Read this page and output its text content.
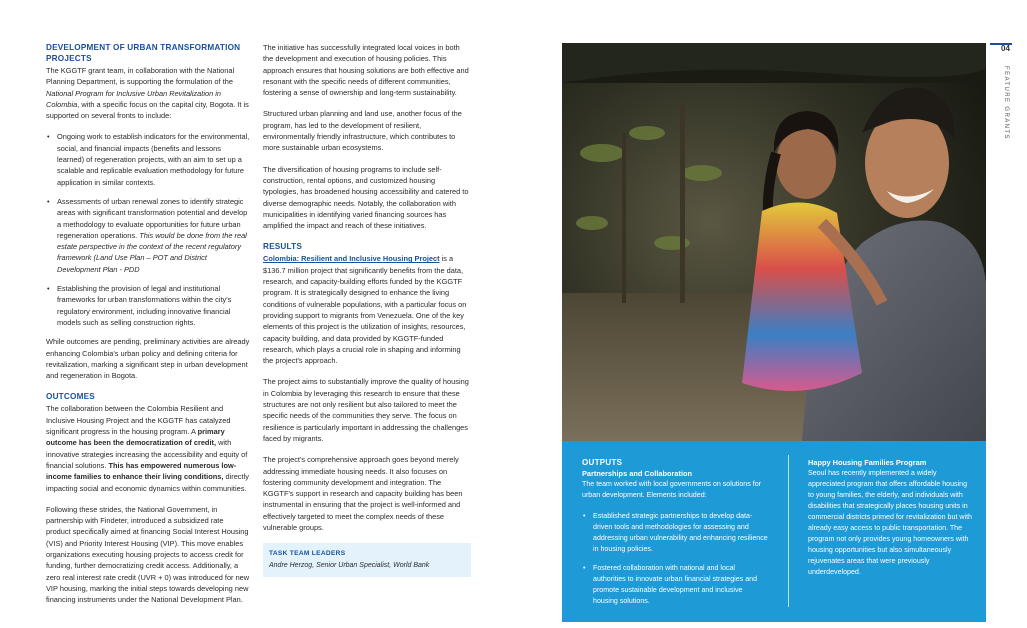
04
FEATURE GRANTS
DEVELOPMENT OF URBAN TRANSFORMATION PROJECTS

The KGGTF grant team, in collaboration with the National Planning Department, is supporting the formulation of the National Program for Inclusive Urban Revitalization in Colombia, with a specific focus on the capital city, Bogota. It is supported on several fronts to include:

• Ongoing work to establish indicators for the environmental, social, and financial impacts (benefits and lessons learned) of regeneration projects, with an aim to set up a scalable and replicable evaluation methodology for future application in similar contexts.
• Assessments of urban renewal zones to identify strategic areas with significant transformation potential and develop a methodology to evaluate opportunities for future urban regeneration operations. This would be done from the real estate perspective in the context of the recent regulatory framework (Land Use Plan – POT and District Development Plan - PDD
• Establishing the provision of legal and institutional frameworks for urban transformations within the city's regulatory environment, including innovative financial models such as selling construction rights.

While outcomes are pending, preliminary activities are already enhancing Colombia's urban policy and defining criteria for revitalization, marking a significant step in urban development and regeneration in Bogota.

OUTCOMES

The collaboration between the Colombia Resilient and Inclusive Housing Project and the KGGTF has catalyzed significant progress in the housing program. A primary outcome has been the democratization of credit, with innovative strategies increasing the accessibility and equity of financial solutions. This has empowered numerous low-income families to enhance their living conditions, directly impacting social and economic dynamics within communities.

Following these strides, the National Government, in partnership with Findeter, introduced a subsidized rate product specifically aimed at financing Social Interest Housing (VIS) and Priority Interest Housing (VIP). This move enables organizations executing housing projects to access credit for funding, further democratizing credit access. Additionally, a zero real interest rate credit (UVR + 0) was introduced for new VIP housing, marking the initial steps towards developing new financing instruments under the National Development Plan.

The initiative has successfully integrated local voices in both the development and execution of housing policies. This approach ensures that housing solutions are both effective and resonant with the specific needs of different communities, fostering a sense of ownership and long-term sustainability.

Structured urban planning and land use, another focus of the program, has led to the development of resilient, environmentally friendly infrastructure, which contributes to more sustainable urban ecosystems.

The diversification of housing programs to include self-construction, rental options, and customized housing typologies, has broadened housing accessibility and catered to diverse demographic needs. Notably, the collaboration with municipalities in identifying varied financing sources has amplified the impact and reach of these initiatives.

RESULTS

Colombia: Resilient and Inclusive Housing Project is a $136.7 million project that significantly benefits from the data, research, and capacity-building efforts funded by the KGGTF program. It is strategically designed to enhance the living conditions of vulnerable populations, with a particular focus on providing support to migrants from Venezuela. One of the key elements of this project is the utilization of insights, resources, capacity building, and data provided by KGGTF-funded research, which plays a crucial role in shaping and informing the project's approach.

The project aims to substantially improve the quality of housing in Colombia by leveraging this research to ensure that these structures are not only resilient but also tailored to meet the specific needs of the communities they serve. The focus on resilience is particularly important in addressing the challenges faced by migrants.

The project's comprehensive approach goes beyond merely addressing immediate housing needs. It also focuses on fostering community development and integration. The KGGTF's support in research and capacity building has been instrumental in ensuring that the project is well-informed and effectively targeted to meet the complex needs of these vulnerable groups.

TASK TEAM LEADERS
Andre Herzog, Senior Urban Specialist, World Bank
OUTPUTS
Partnerships and Collaboration
The team worked with local governments on solutions for urban development. Elements included:
• Established strategic partnerships to develop data-driven tools and methodologies for assessing and addressing urban vulnerability and enhancing resilience in housing policies.
• Fostered collaboration with national and local authorities to innovate urban financial strategies and promote sustainable development and inclusive housing solutions.
Happy Housing Families Program
Seoul has recently implemented a widely appreciated program that offers affordable housing to young families, the elderly, and individuals with disabilities that strategically places housing units in commercial districts primed for revitalization but with already easy access to public transportation. The program not only provides young homeowners with housing opportunities but also simultaneously rejuvenates areas that were previously underdeveloped.
